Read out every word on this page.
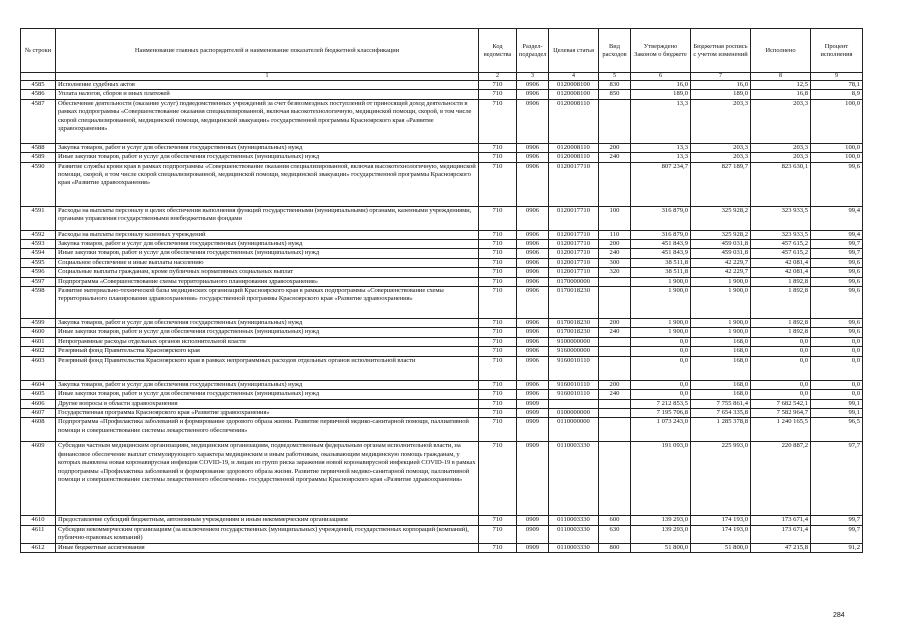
№ строки	Наименование главных распорядителей и наименование показателей бюджетной классификации	Код ведомства	Раздел-подраздел	Целевая статья	Вид расходов	Утверждено Законом о бюджете	Бюджетная роспись с учетом изменений	Исполнено	Процент исполнения
	1	2	3	4	5	6	7	8	9
4585	Исполнение судебных актов	710	0906	0120008100	830	16,0	16,0	12,5	78,1
4586	Уплата налогов, сборов и иных платежей	710	0906	0120008100	850	189,0	189,0	16,8	8,9
4587	Обеспечение деятельности (оказание услуг) подведомственных учреждений за счет безвозмездных поступлений от приносящей доход деятельности в рамках подпрограммы «Совершенствование оказания специализированной, включая высокотехнологичную, медицинской помощи, скорой, в том числе скорой специализированной, медицинской помощи, медицинской эвакуации» государственной программы Красноярского края «Развитие здравоохранения»	710	0906	0120008110		13,3	203,3	203,3	100,0
4588	Закупка товаров, работ и услуг для обеспечения государственных (муниципальных) нужд	710	0906	0120008110	200	13,3	203,3	203,3	100,0
4589	Иные закупки товаров, работ и услуг для обеспечения государственных (муниципальных) нужд	710	0906	0120008110	240	13,3	203,3	203,3	100,0
4590	Развитие службы крови края в рамках подпрограммы «Совершенствование оказания специализированной, включая высокотехнологичную, медицинской помощи, скорой, в том числе скорой специализированной, медицинской помощи, медицинской эвакуации» государственной программы Красноярского края «Развитие здравоохранения»	710	0906	0120017710		807 234,7	827 189,7	823 630,1	99,6
4591	Расходы на выплаты персоналу в целях обеспечения выполнения функций государственными (муниципальными) органами, казенными учреждениями, органами управления государственными внебюджетными фондами	710	0906	0120017710	100	316 879,0	325 928,2	323 933,5	99,4
4592	Расходы на выплаты персоналу казенных учреждений	710	0906	0120017710	110	316 879,0	325 928,2	323 933,5	99,4
4593	Закупка товаров, работ и услуг для обеспечения государственных (муниципальных) нужд	710	0906	0120017710	200	451 843,9	459 031,8	457 615,2	99,7
4594	Иные закупки товаров, работ и услуг для обеспечения государственных (муниципальных) нужд	710	0906	0120017710	240	451 843,9	459 031,8	457 615,2	99,7
4595	Социальное обеспечение и иные выплаты населению	710	0906	0120017710	300	38 511,8	42 229,7	42 081,4	99,6
4596	Социальные выплаты гражданам, кроме публичных нормативных социальных выплат	710	0906	0120017710	320	38 511,8	42 229,7	42 081,4	99,6
4597	Подпрограмма «Совершенствование схемы территориального планирования здравоохранения»	710	0906	0170000000		1 900,0	1 900,0	1 892,8	99,6
4598	Развитие материально-технической базы медицинских организаций Красноярского края в рамках подпрограммы «Совершенствование схемы территориального планирования здравоохранения» государственной программы Красноярского края «Развитие здравоохранения»	710	0906	0170018230		1 900,0	1 900,0	1 892,8	99,6
4599	Закупка товаров, работ и услуг для обеспечения государственных (муниципальных) нужд	710	0906	0170018230	200	1 900,0	1 900,0	1 892,8	99,6
4600	Иные закупки товаров, работ и услуг для обеспечения государственных (муниципальных) нужд	710	0906	0170018230	240	1 900,0	1 900,0	1 892,8	99,6
4601	Непрограммные расходы отдельных органов исполнительной власти	710	0906	9100000000		0,0	168,0	0,0	0,0
4602	Резервный фонд Правительства Красноярского края	710	0906	9160000000		0,0	168,0	0,0	0,0
4603	Резервный фонд Правительства Красноярского края в рамках непрограммных расходов отдельных органов исполнительной власти	710	0906	9160010110		0,0	168,0	0,0	0,0
4604	Закупка товаров, работ и услуг для обеспечения государственных (муниципальных) нужд	710	0906	9160010110	200	0,0	168,0	0,0	0,0
4605	Иные закупки товаров, работ и услуг для обеспечения государственных (муниципальных) нужд	710	0906	9160010110	240	0,0	168,0	0,0	0,0
4606	Другие вопросы в области здравоохранения	710	0909			7 212 853,5	7 755 861,4	7 682 542,1	99,1
4607	Государственная программа Красноярского края «Развитие здравоохранения»	710	0909	0100000000		7 195 706,8	7 654 335,8	7 582 964,7	99,1
4608	Подпрограмма «Профилактика заболеваний и формирование здорового образа жизни. Развитие первичной медико-санитарной помощи, паллиативной помощи и совершенствование системы лекарственного обеспечения»	710	0909	0110000000		1 073 243,0	1 285 378,8	1 240 165,5	96,5
4609	Субсидии частным медицинским организациям, медицинским организациям, подведомственным федеральным органам исполнительной власти, на финансовое обеспечение выплат стимулирующего характера медицинским и иным работникам, оказывающим медицинскую помощь гражданам, у которых выявлена новая коронавирусная инфекция COVID-19, и лицам из групп риска заражения новой коронавирусной инфекцией COVID-19 в рамках подпрограммы «Профилактика заболеваний и формирование здорового образа жизни. Развитие первичной медико-санитарной помощи, паллиативной помощи и совершенствование системы лекарственного обеспечения» государственной программы Красноярского края «Развитие здравоохранения»	710	0909	0110003330		191 093,0	225 993,0	220 887,2	97,7
4610	Предоставление субсидий бюджетным, автономным учреждениям и иным некоммерческим организациям	710	0909	0110003330	600	139 293,0	174 193,0	173 671,4	99,7
4611	Субсидии некоммерческим организациям (за исключением государственных (муниципальных) учреждений, государственных корпораций (компаний), публично-правовых компаний)	710	0909	0110003330	630	139 293,0	174 193,0	173 671,4	99,7
4612	Иные бюджетные ассигнования	710	0909	0110003330	800	51 800,0	51 800,0	47 215,8	91,2
284
